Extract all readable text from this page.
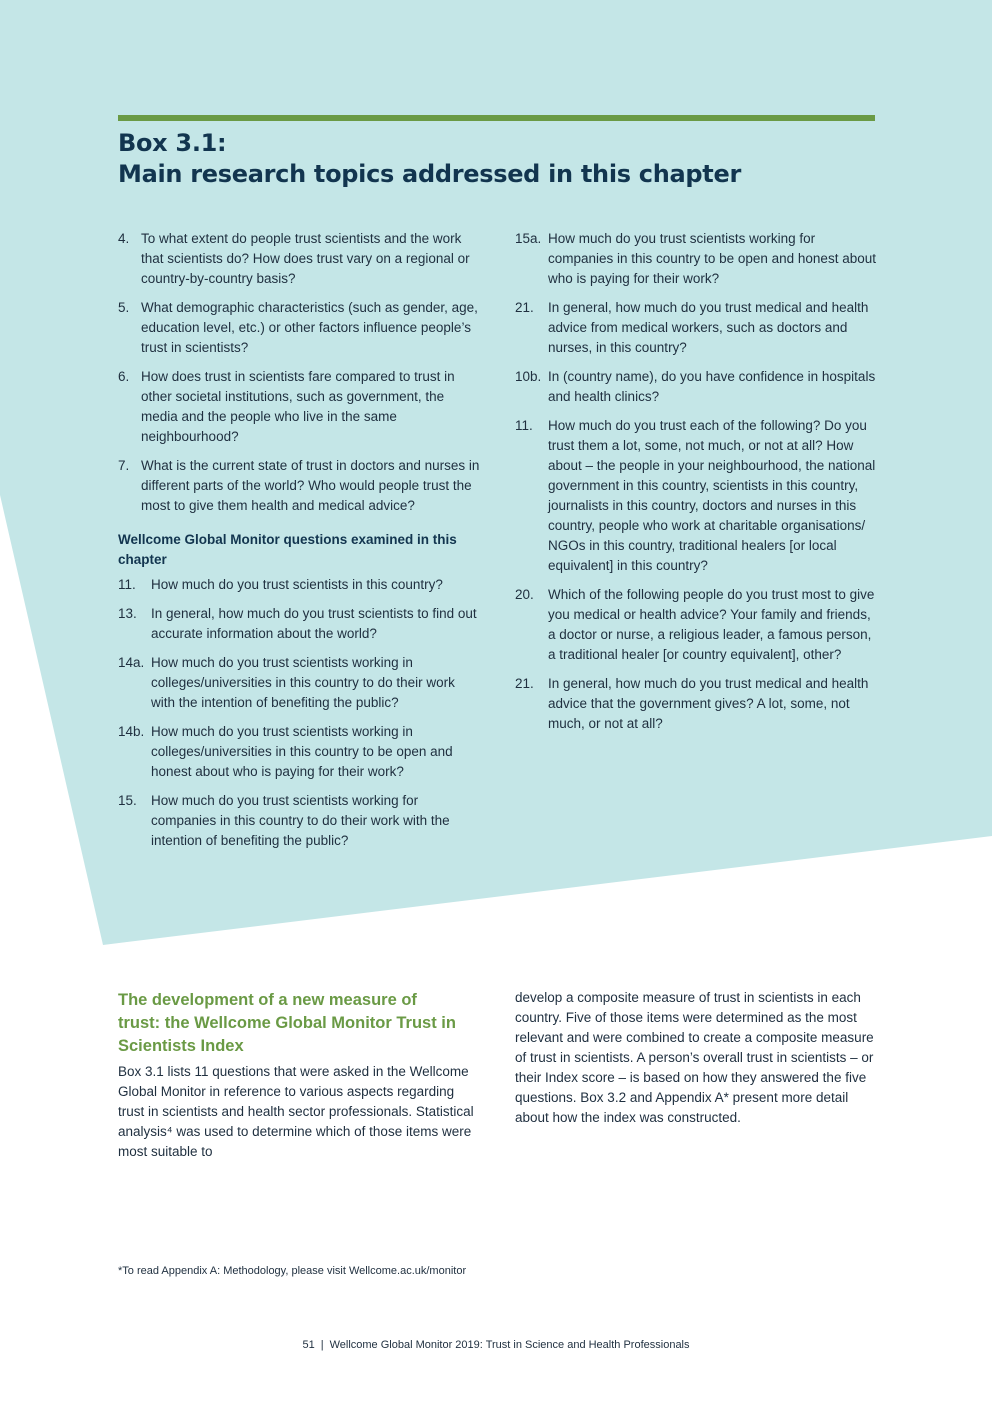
Box 3.1:
Main research topics addressed in this chapter
4. To what extent do people trust scientists and the work that scientists do? How does trust vary on a regional or country-by-country basis?
5. What demographic characteristics (such as gender, age, education level, etc.) or other factors influence people’s trust in scientists?
6. How does trust in scientists fare compared to trust in other societal institutions, such as government, the media and the people who live in the same neighbourhood?
7. What is the current state of trust in doctors and nurses in different parts of the world? Who would people trust the most to give them health and medical advice?
Wellcome Global Monitor questions examined in this chapter
11. How much do you trust scientists in this country?
13. In general, how much do you trust scientists to find out accurate information about the world?
14a. How much do you trust scientists working in colleges/universities in this country to do their work with the intention of benefiting the public?
14b. How much do you trust scientists working in colleges/universities in this country to be open and honest about who is paying for their work?
15. How much do you trust scientists working for companies in this country to do their work with the intention of benefiting the public?
15a. How much do you trust scientists working for companies in this country to be open and honest about who is paying for their work?
21. In general, how much do you trust medical and health advice from medical workers, such as doctors and nurses, in this country?
10b. In (country name), do you have confidence in hospitals and health clinics?
11. How much do you trust each of the following? Do you trust them a lot, some, not much, or not at all? How about – the people in your neighbourhood, the national government in this country, scientists in this country, journalists in this country, doctors and nurses in this country, people who work at charitable organisations/ NGOs in this country, traditional healers [or local equivalent] in this country?
20. Which of the following people do you trust most to give you medical or health advice? Your family and friends, a doctor or nurse, a religious leader, a famous person, a traditional healer [or country equivalent], other?
21. In general, how much do you trust medical and health advice that the government gives? A lot, some, not much, or not at all?
The development of a new measure of trust: the Wellcome Global Monitor Trust in Scientists Index

Box 3.1 lists 11 questions that were asked in the Wellcome Global Monitor in reference to various aspects regarding trust in scientists and health sector professionals. Statistical analysis⁴ was used to determine which of those items were most suitable to

develop a composite measure of trust in scientists in each country. Five of those items were determined as the most relevant and were combined to create a composite measure of trust in scientists. A person’s overall trust in scientists – or their Index score – is based on how they answered the five questions. Box 3.2 and Appendix A* present more detail about how the index was constructed.

*To read Appendix A: Methodology, please visit Wellcome.ac.uk/monitor

51 | Wellcome Global Monitor 2019: Trust in Science and Health Professionals
